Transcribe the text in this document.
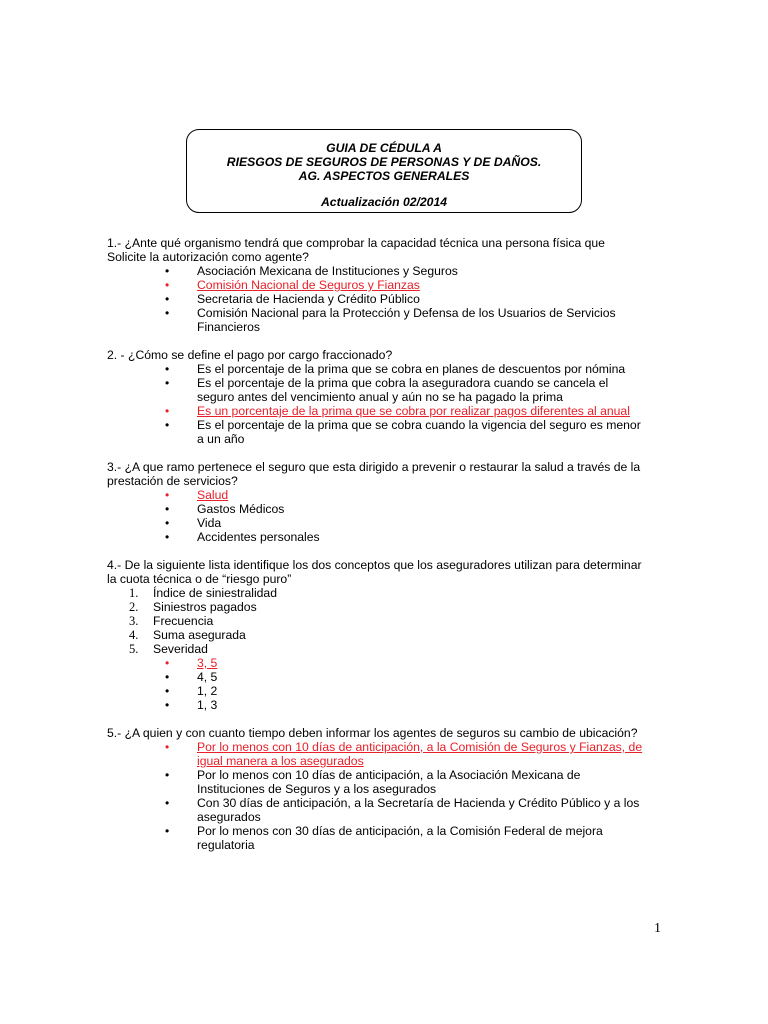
GUIA DE CÉDULA A
RIESGOS DE SEGUROS DE PERSONAS Y DE DAÑOS.
AG. ASPECTOS GENERALES
Actualización 02/2014

1.- ¿Ante qué organismo tendrá que comprobar la capacidad técnica una persona física que
Solicite la autorización como agente?

• Asociación Mexicana de Instituciones y Seguros
• Comisión Nacional de Seguros y Fianzas
• Secretaria de Hacienda y Crédito Público
• Comisión Nacional para la Protección y Defensa de los Usuarios de Servicios
Financieros

2. - ¿Cómo se define el pago por cargo fraccionado?

• Es el porcentaje de la prima que se cobra en planes de descuentos por nómina
• Es el porcentaje de la prima que cobra la aseguradora cuando se cancela el
seguro antes del vencimiento anual y aún no se ha pagado la prima
• Es un porcentaje de la prima que se cobra por realizar pagos diferentes al anual
• Es el porcentaje de la prima que se cobra cuando la vigencia del seguro es menor
a un año

3.- ¿A que ramo pertenece el seguro que esta dirigido a prevenir o restaurar la salud a través de la
prestación de servicios?

• Salud
• Gastos Médicos
• Vida
• Accidentes personales

4.- De la siguiente lista identifique los dos conceptos que los aseguradores utilizan para determinar
la cuota técnica o de “riesgo puro”

1. Índice de siniestralidad
2. Siniestros pagados
3. Frecuencia
4. Suma asegurada
5. Severidad
• 3, 5
• 4, 5
• 1, 2
• 1, 3

5.- ¿A quien y con cuanto tiempo deben informar los agentes de seguros su cambio de ubicación?

• Por lo menos con 10 días de anticipación, a la Comisión de Seguros y Fianzas, de
igual manera a los asegurados
• Por lo menos con 10 días de anticipación, a la Asociación Mexicana de
Instituciones de Seguros y a los asegurados
• Con 30 días de anticipación, a la Secretaría de Hacienda y Crédito Público y a los
asegurados
• Por lo menos con 30 días de anticipación, a la Comisión Federal de mejora
regulatoria
1
